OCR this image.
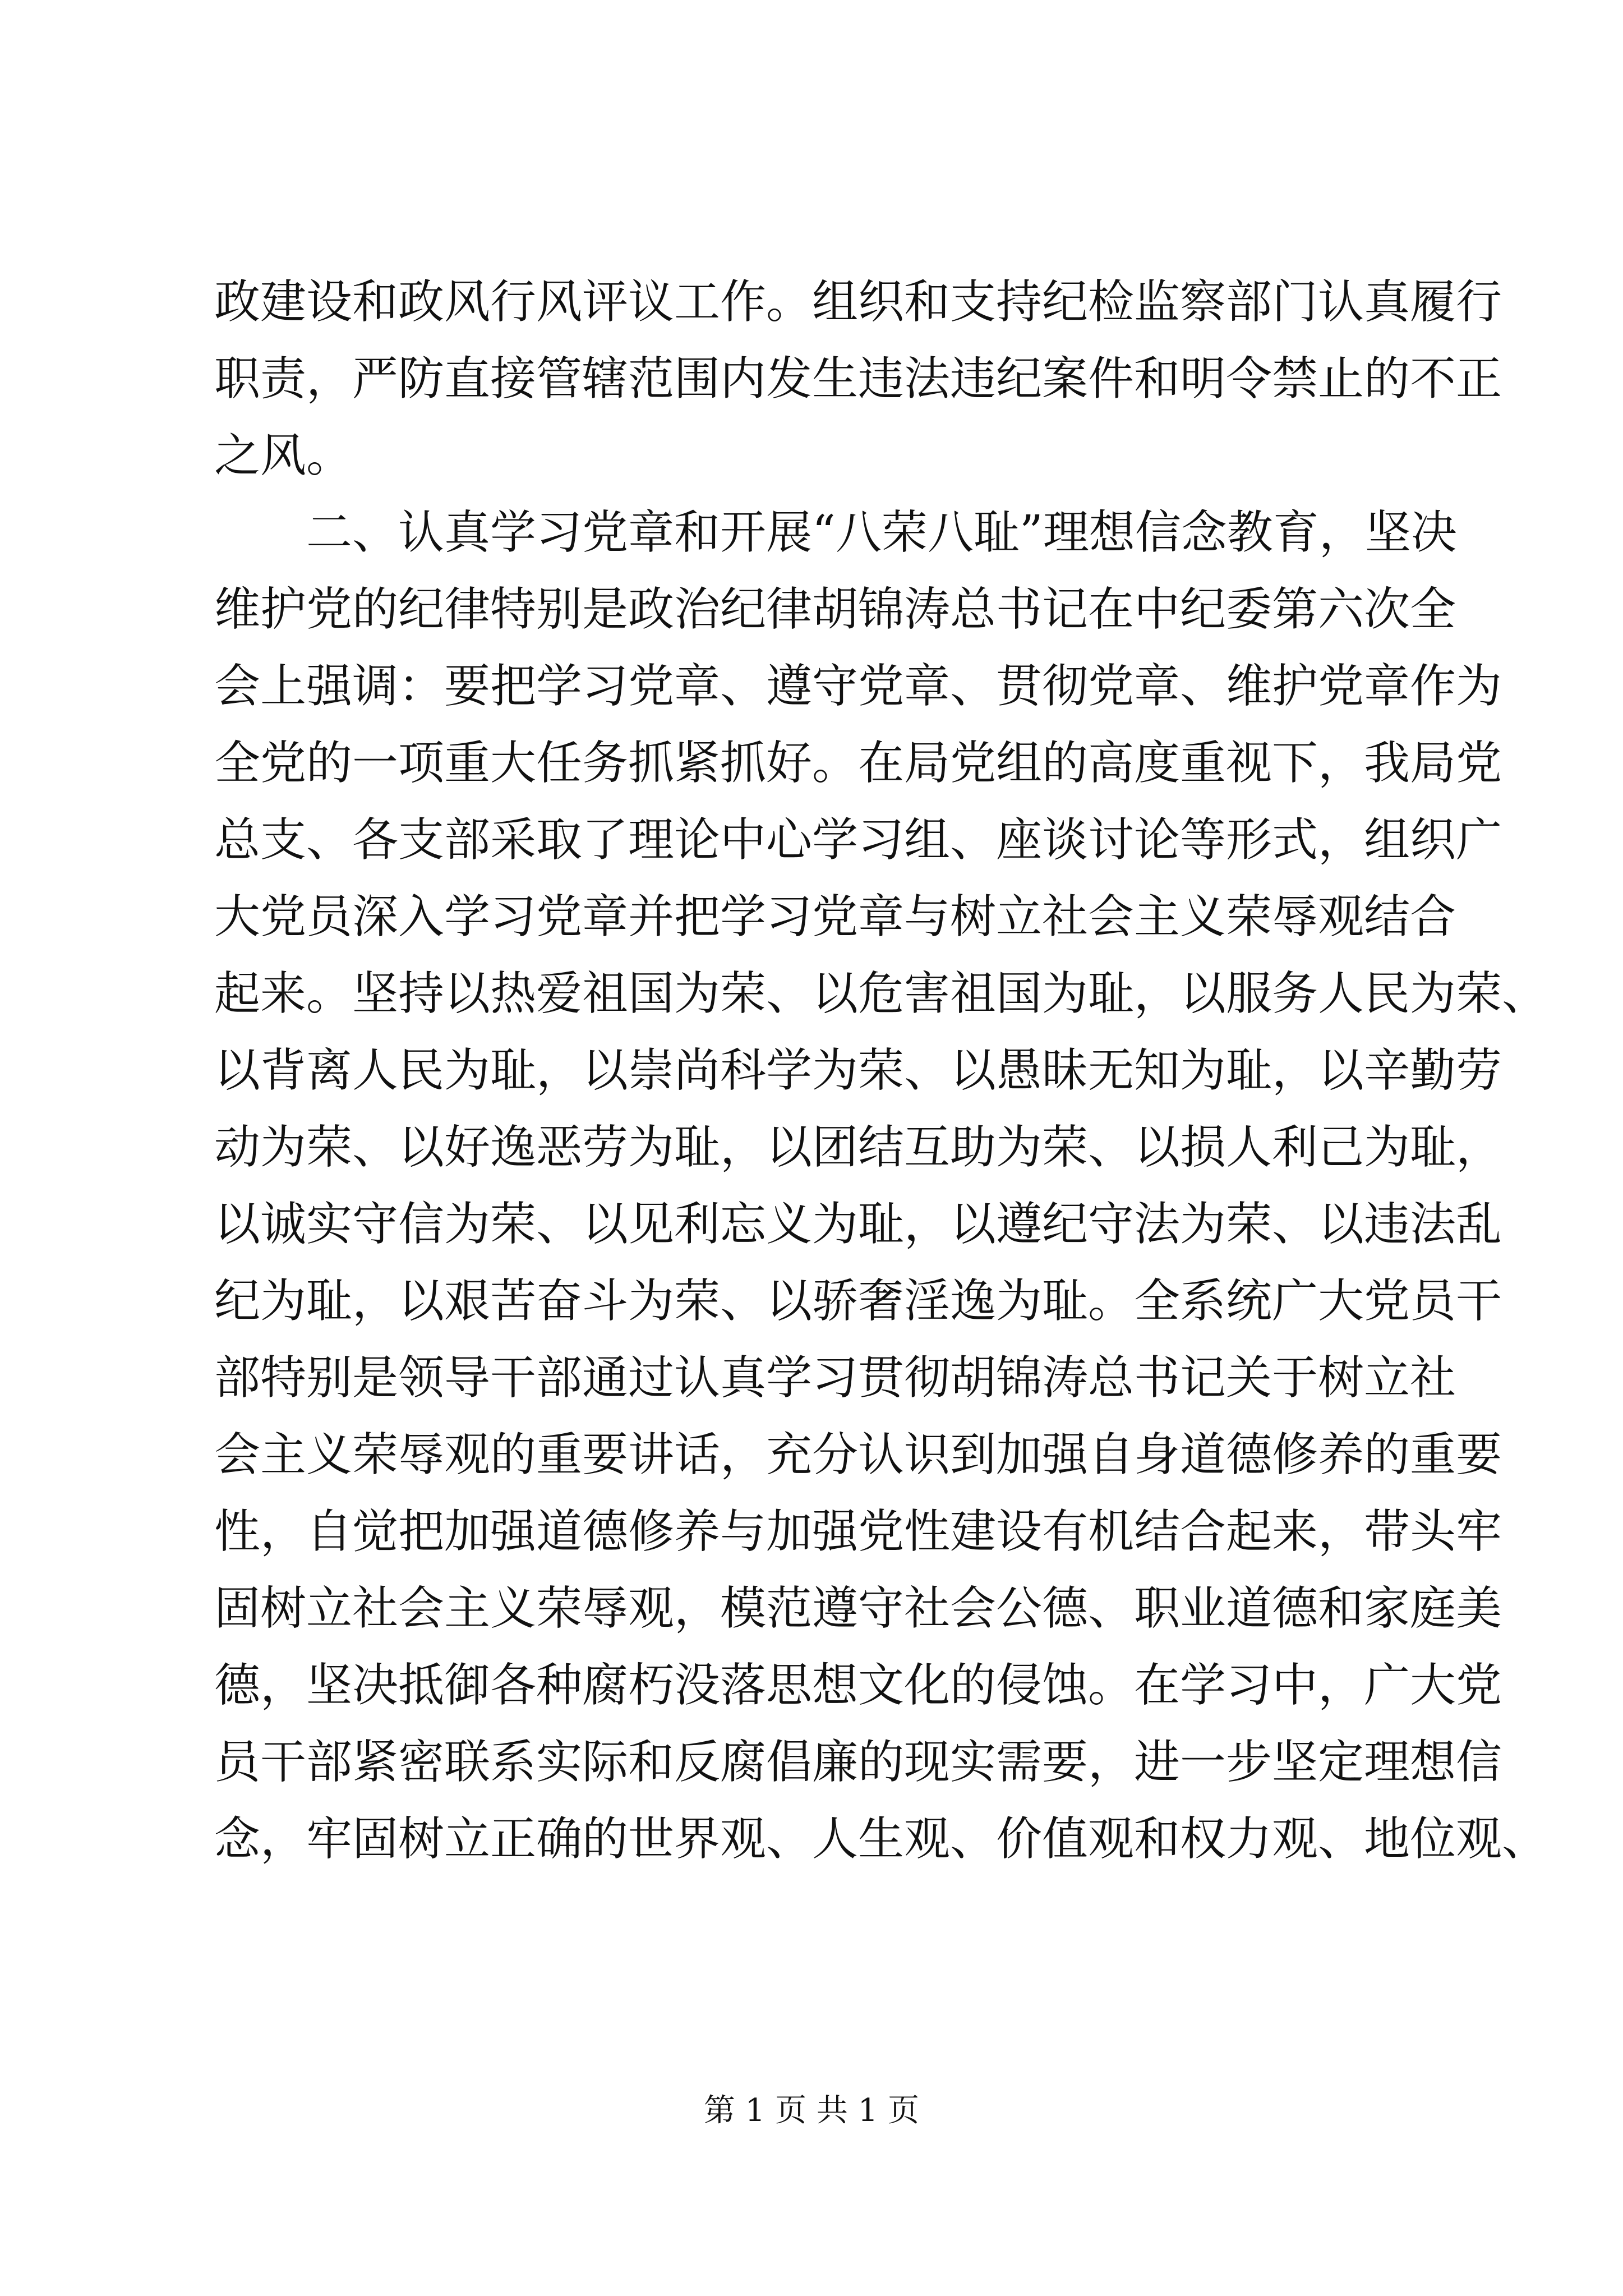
政建设和政风行风评议工作。组织和支持纪检监察部门认真履行
职责，严防直接管辖范围内发生违法违纪案件和明令禁止的不正
之风。
二、认真学习党章和开展“八荣八耻”理想信念教育，坚决
维护党的纪律特别是政治纪律胡锦涛总书记在中纪委第六次全
会上强调：要把学习党章、遵守党章、贯彻党章、维护党章作为
全党的一项重大任务抓紧抓好。在局党组的高度重视下，我局党
总支、各支部采取了理论中心学习组、座谈讨论等形式，组织广
大党员深入学习党章并把学习党章与树立社会主义荣辱观结合
起来。坚持以热爱祖国为荣、以危害祖国为耻，以服务人民为荣、
以背离人民为耻，以崇尚科学为荣、以愚昧无知为耻，以辛勤劳
动为荣、以好逸恶劳为耻，以团结互助为荣、以损人利己为耻，
以诚实守信为荣、以见利忘义为耻，以遵纪守法为荣、以违法乱
纪为耻，以艰苦奋斗为荣、以骄奢淫逸为耻。全系统广大党员干
部特别是领导干部通过认真学习贯彻胡锦涛总书记关于树立社
会主义荣辱观的重要讲话，充分认识到加强自身道德修养的重要
性，自觉把加强道德修养与加强党性建设有机结合起来，带头牢
固树立社会主义荣辱观，模范遵守社会公德、职业道德和家庭美
德，坚决抵御各种腐朽没落思想文化的侵蚀。在学习中，广大党
员干部紧密联系实际和反腐倡廉的现实需要，进一步坚定理想信
念，牢固树立正确的世界观、人生观、价值观和权力观、地位观、
第 1 页 共 1 页
